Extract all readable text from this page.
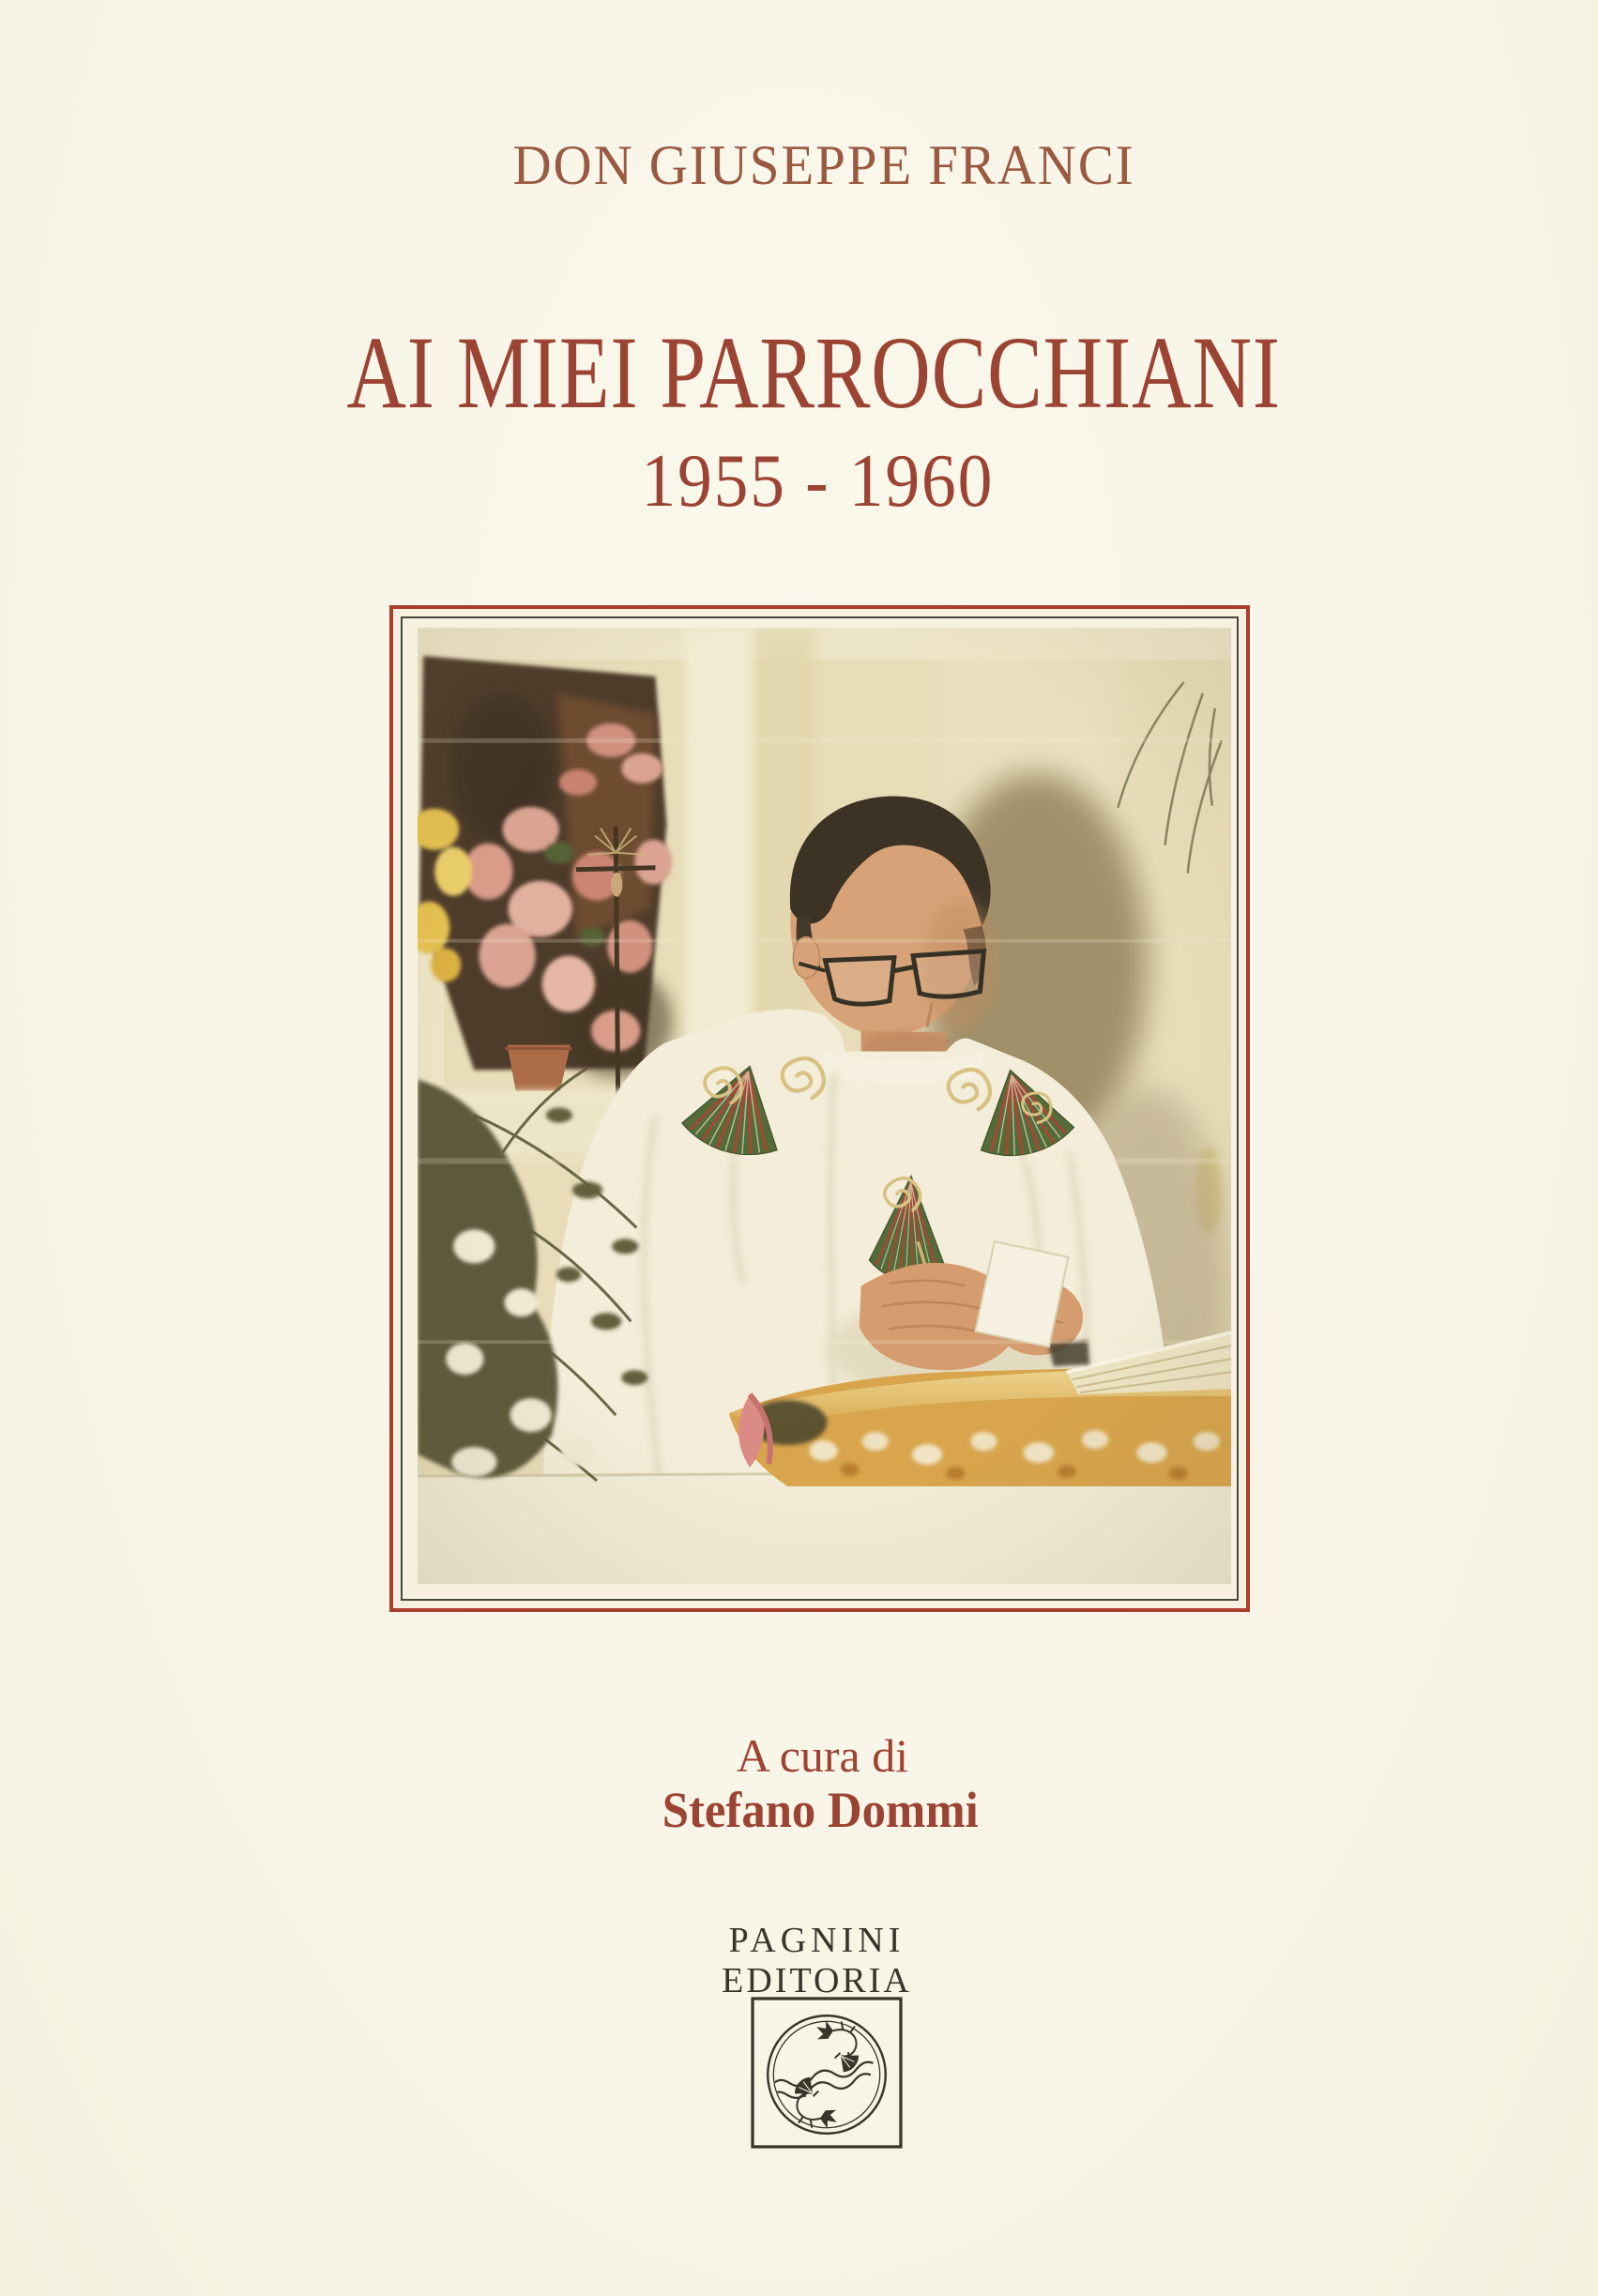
DON GIUSEPPE FRANCI
AI MIEI PARROCCHIANI
1955 - 1960
A cura di
Stefano Dommi
PAGNINI
EDITORIA
